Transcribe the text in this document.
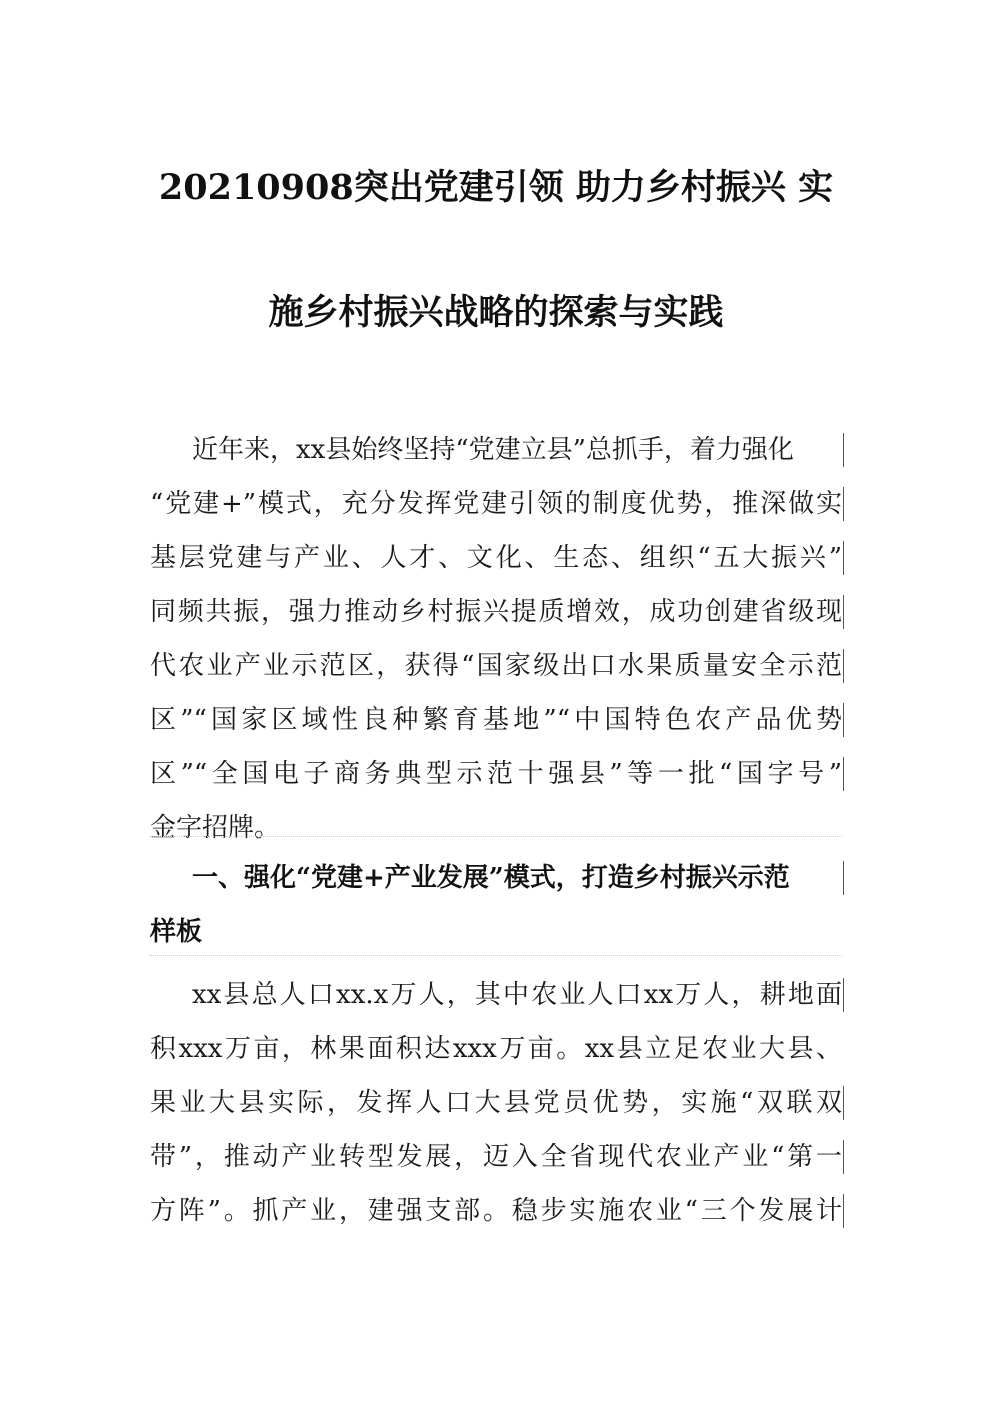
20210908突出党建引领 助力乡村振兴 实
施乡村振兴战略的探索与实践
近年来，xx县始终坚持“党建立县”总抓手，着力强化
“党建+”模式，充分发挥党建引领的制度优势，推深做实
基层党建与产业、人才、文化、生态、组织“五大振兴”
同频共振，强力推动乡村振兴提质增效，成功创建省级现
代农业产业示范区，获得“国家级出口水果质量安全示范
区”“国家区域性良种繁育基地”“中国特色农产品优势
区”“全国电子商务典型示范十强县”等一批“国字号”
金字招牌。
一、强化“党建+产业发展”模式，打造乡村振兴示范
样板
xx县总人口xx.x万人，其中农业人口xx万人，耕地面
积xxx万亩，林果面积达xxx万亩。xx县立足农业大县、
果业大县实际，发挥人口大县党员优势，实施“双联双
带”，推动产业转型发展，迈入全省现代农业产业“第一
方阵”。抓产业，建强支部。稳步实施农业“三个发展计
